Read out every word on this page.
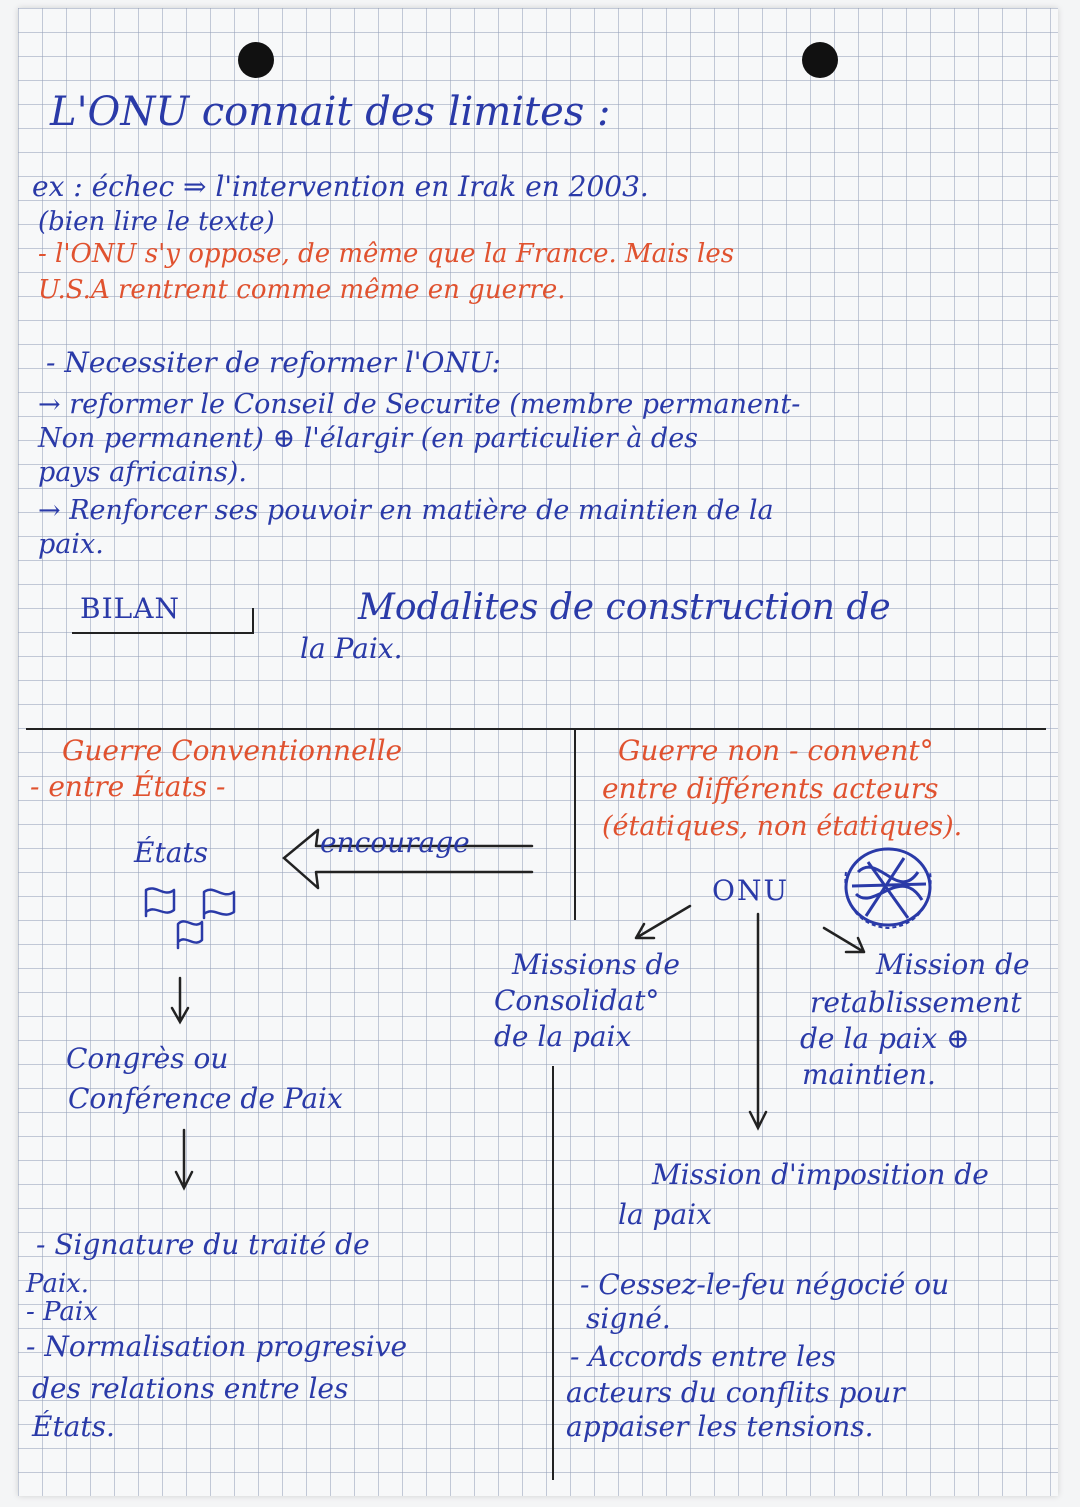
L'ONU connait des limites :
ex : échec ⇒ l'intervention en Irak en 2003.
(bien lire le texte)
- l'ONU s'y oppose, de même que la France. Mais les
U.S.A rentrent comme même en guerre.
- Necessiter de reformer l'ONU:
→ reformer le Conseil de Securite (membre permanent-
Non permanent) ⊕ l'élargir (en particulier à des
pays africains).
→ Renforcer ses pouvoir en matière de maintien de la
paix.
BILAN	Modalites de construction de
la Paix.
Guerre Conventionnelle
- entre États -
États	encourage
Congrès ou
Conférence de Paix
- Signature du traité de
Paix.
- Paix
- Normalisation progresive
des relations entre les
États.
Guerre non - convent°
entre différents acteurs
(étatiques, non étatiques).
ONU
Missions de
Consolidat°
de la paix
Mission de
retablissement
de la paix ⊕
maintien.
Mission d'imposition de
la paix
- Cessez-le-feu négocié ou
signé.
- Accords entre les
acteurs du conflits pour
appaiser les tensions.
